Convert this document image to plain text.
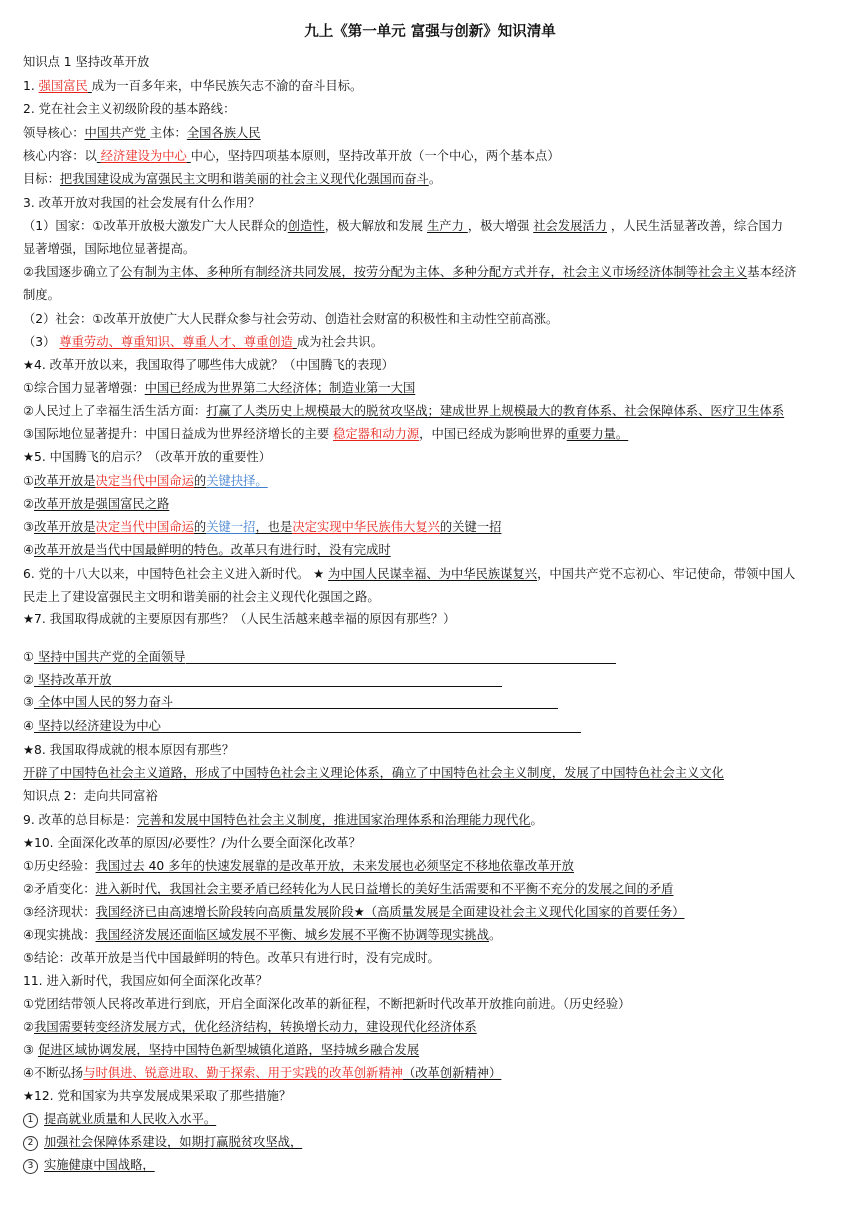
九上《第一单元 富强与创新》知识清单
知识点 1 坚持改革开放
1. 强国富民 成为一百多年来，中华民族矢志不渝的奋斗目标。
2. 党在社会主义初级阶段的基本路线：
领导核心：中国共产党 主体：全国各族人民
核心内容：以 经济建设为中心 中心，坚持四项基本原则，坚持改革开放（一个中心，两个基本点）
目标：把我国建设成为富强民主文明和谐美丽的社会主义现代化强国而奋斗。
3. 改革开放对我国的社会发展有什么作用？
（1）国家：①改革开放极大激发广大人民群众的创造性，极大解放和发展 生产力 ，极大增强 社会发展活力 ，人民生活显著改善，综合国力
显著增强，国际地位显著提高。
②我国逐步确立了公有制为主体、多种所有制经济共同发展，按劳分配为主体、多种分配方式并存，社会主义市场经济体制等社会主义基本经济
制度。
（2）社会：①改革开放使广大人民群众参与社会劳动、创造社会财富的积极性和主动性空前高涨。
（3） 尊重劳动、尊重知识、尊重人才、尊重创造 成为社会共识。
★4. 改革开放以来，我国取得了哪些伟大成就？（中国腾飞的表现）
①综合国力显著增强：中国已经成为世界第二大经济体；制造业第一大国
②人民过上了幸福生活生活方面：打赢了人类历史上规模最大的脱贫攻坚战；建成世界上规模最大的教育体系、社会保障体系、医疗卫生体系
③国际地位显著提升：中国日益成为世界经济增长的主要 稳定器和动力源，中国已经成为影响世界的重要力量。
★5. 中国腾飞的启示？（改革开放的重要性）
①改革开放是决定当代中国命运的关键抉择。
②改革开放是强国富民之路
③改革开放是决定当代中国命运的关键一招，也是决定实现中华民族伟大复兴的关键一招
④改革开放是当代中国最鲜明的特色。改革只有进行时，没有完成时
6. 党的十八大以来，中国特色社会主义进入新时代。 ★ 为中国人民谋幸福、为中华民族谋复兴，中国共产党不忘初心、牢记使命，带领中国人
民走上了建设富强民主文明和谐美丽的社会主义现代化强国之路。
★7. 我国取得成就的主要原因有那些？（人民生活越来越幸福的原因有那些？）
① 坚持中国共产党的全面领导
② 坚持改革开放
③ 全体中国人民的努力奋斗
④ 坚持以经济建设为中心
★8. 我国取得成就的根本原因有那些？
开辟了中国特色社会主义道路，形成了中国特色社会主义理论体系，确立了中国特色社会主义制度，发展了中国特色社会主义文化
知识点 2：走向共同富裕
9. 改革的总目标是：完善和发展中国特色社会主义制度，推进国家治理体系和治理能力现代化。
★10. 全面深化改革的原因/必要性？/为什么要全面深化改革？
①历史经验：我国过去 40 多年的快速发展靠的是改革开放，未来发展也必须坚定不移地依靠改革开放
②矛盾变化：进入新时代，我国社会主要矛盾已经转化为人民日益增长的美好生活需要和不平衡不充分的发展之间的矛盾
③经济现状：我国经济已由高速增长阶段转向高质量发展阶段★（高质量发展是全面建设社会主义现代化国家的首要任务）
④现实挑战：我国经济发展还面临区域发展不平衡、城乡发展不平衡不协调等现实挑战。
⑤结论：改革开放是当代中国最鲜明的特色。改革只有进行时，没有完成时。
11. 进入新时代，我国应如何全面深化改革？
①党团结带领人民将改革进行到底，开启全面深化改革的新征程，不断把新时代改革开放推向前进。（历史经验）
②我国需要转变经济发展方式，优化经济结构，转换增长动力，建设现代化经济体系
③ 促进区域协调发展，坚持中国特色新型城镇化道路，坚持城乡融合发展
④不断弘扬与时俱进、锐意进取、勤于探索、用于实践的改革创新精神（改革创新精神）
★12. 党和国家为共享发展成果采取了那些措施？
1 提高就业质量和人民收入水平。
2 加强社会保障体系建设，如期打赢脱贫攻坚战，
3 实施健康中国战略，
